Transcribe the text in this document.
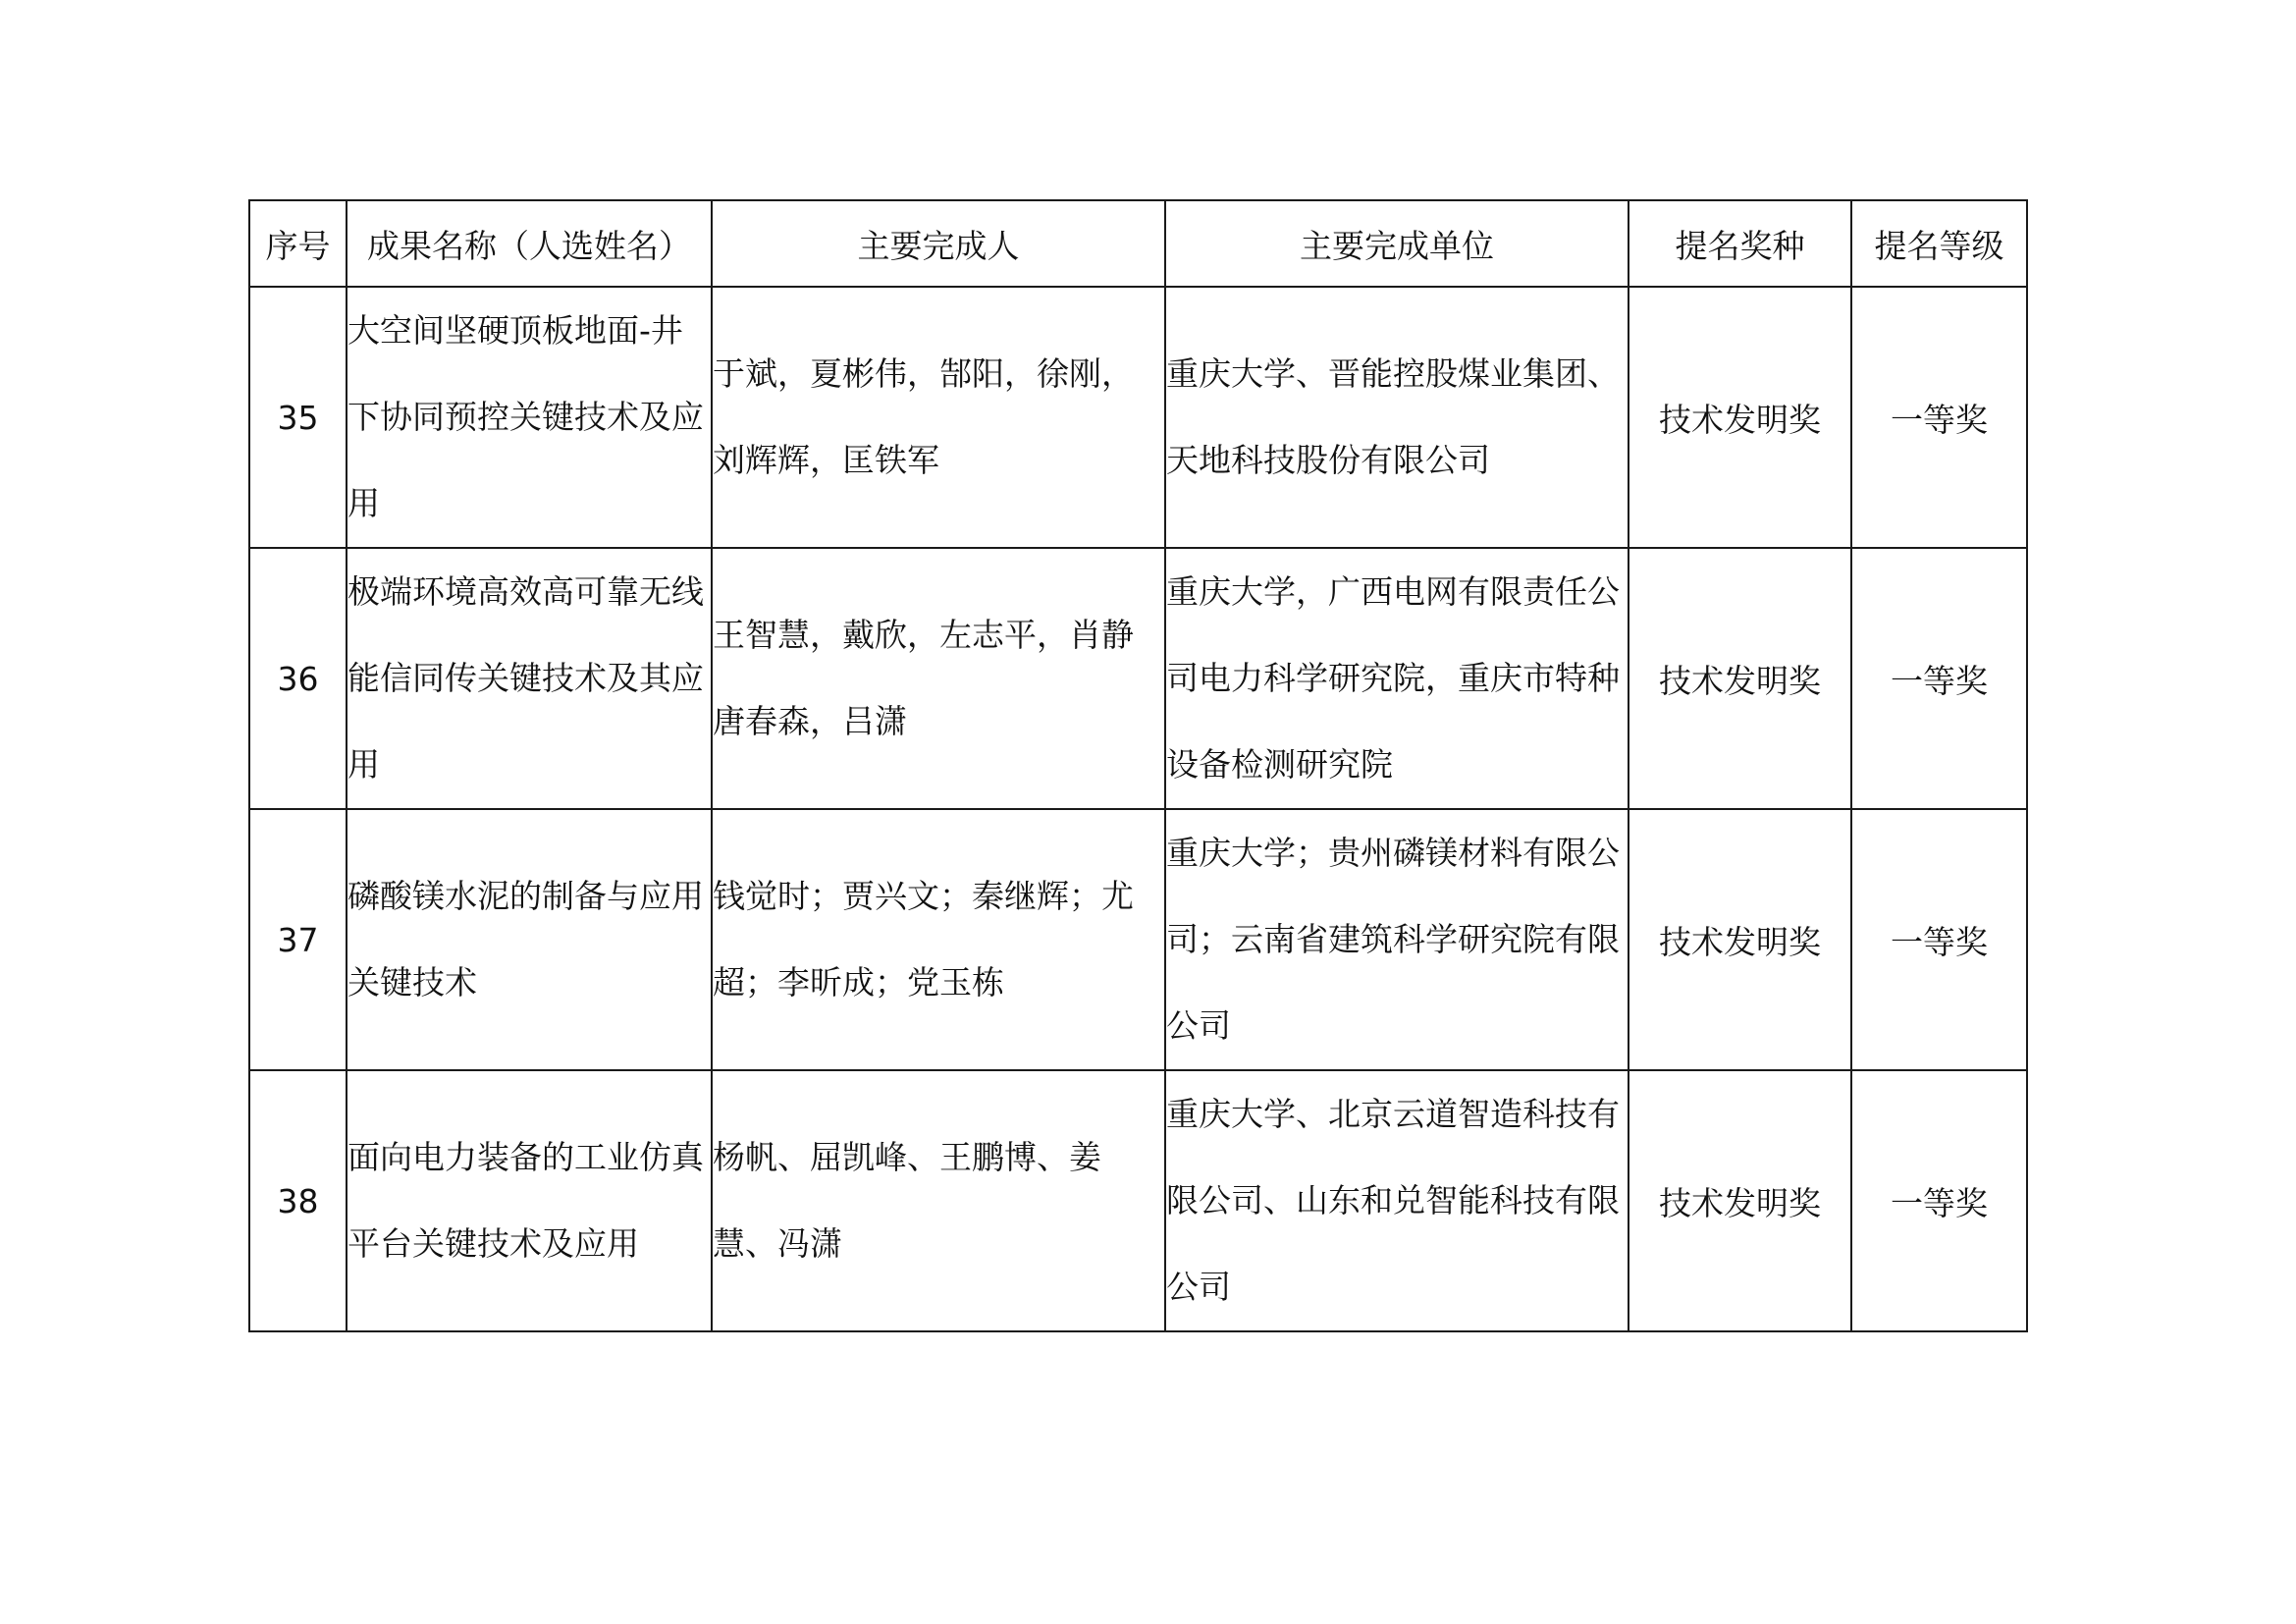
序号	成果名称（人选姓名）	主要完成人	主要完成单位	提名奖种	提名等级
35	大空间坚硬顶板地面-井下协同预控关键技术及应用	于斌，夏彬伟，郜阳，徐刚，刘辉辉，匡铁军	重庆大学、晋能控股煤业集团、天地科技股份有限公司	技术发明奖	一等奖
36	极端环境高效高可靠无线能信同传关键技术及其应用	王智慧，戴欣，左志平，肖静唐春森，吕潇	重庆大学，广西电网有限责任公司电力科学研究院，重庆市特种设备检测研究院	技术发明奖	一等奖
37	磷酸镁水泥的制备与应用关键技术	钱觉时；贾兴文；秦继辉；尤超；李昕成；党玉栋	重庆大学；贵州磷镁材料有限公司；云南省建筑科学研究院有限公司	技术发明奖	一等奖
38	面向电力装备的工业仿真平台关键技术及应用	杨帆、屈凯峰、王鹏博、姜慧、冯潇	重庆大学、北京云道智造科技有限公司、山东和兑智能科技有限公司	技术发明奖	一等奖
